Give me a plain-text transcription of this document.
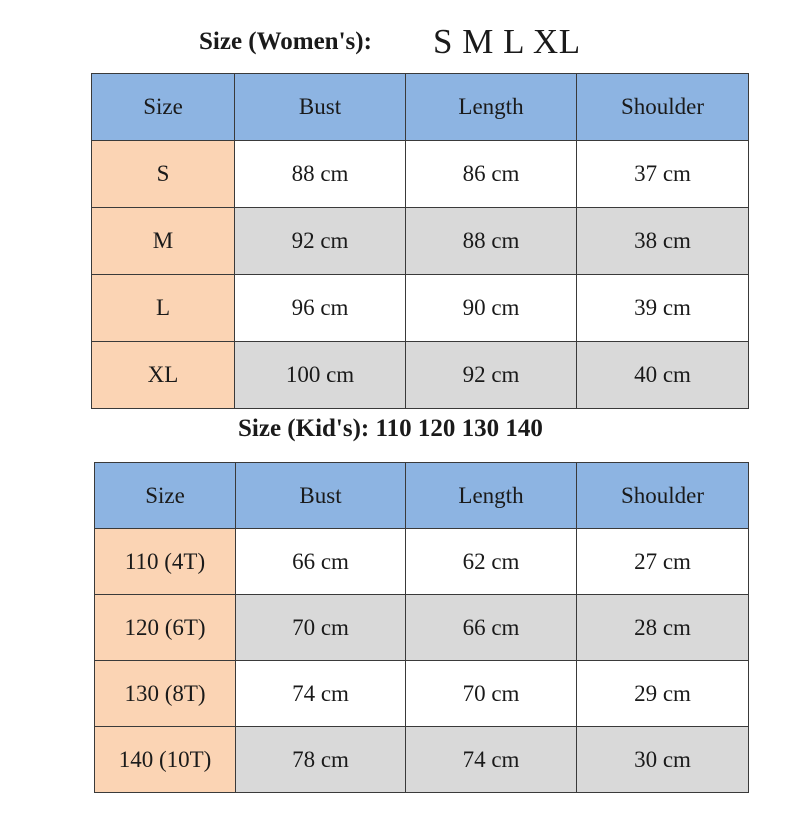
Size (Women's): S M L XL
Size	Bust	Length	Shoulder
S	88 cm	86 cm	37 cm
M	92 cm	88 cm	38 cm
L	96 cm	90 cm	39 cm
XL	100 cm	92 cm	40 cm
Size (Kid's): 110 120 130 140
Size	Bust	Length	Shoulder
110 (4T)	66 cm	62 cm	27 cm
120 (6T)	70 cm	66 cm	28 cm
130 (8T)	74 cm	70 cm	29 cm
140 (10T)	78 cm	74 cm	30 cm
